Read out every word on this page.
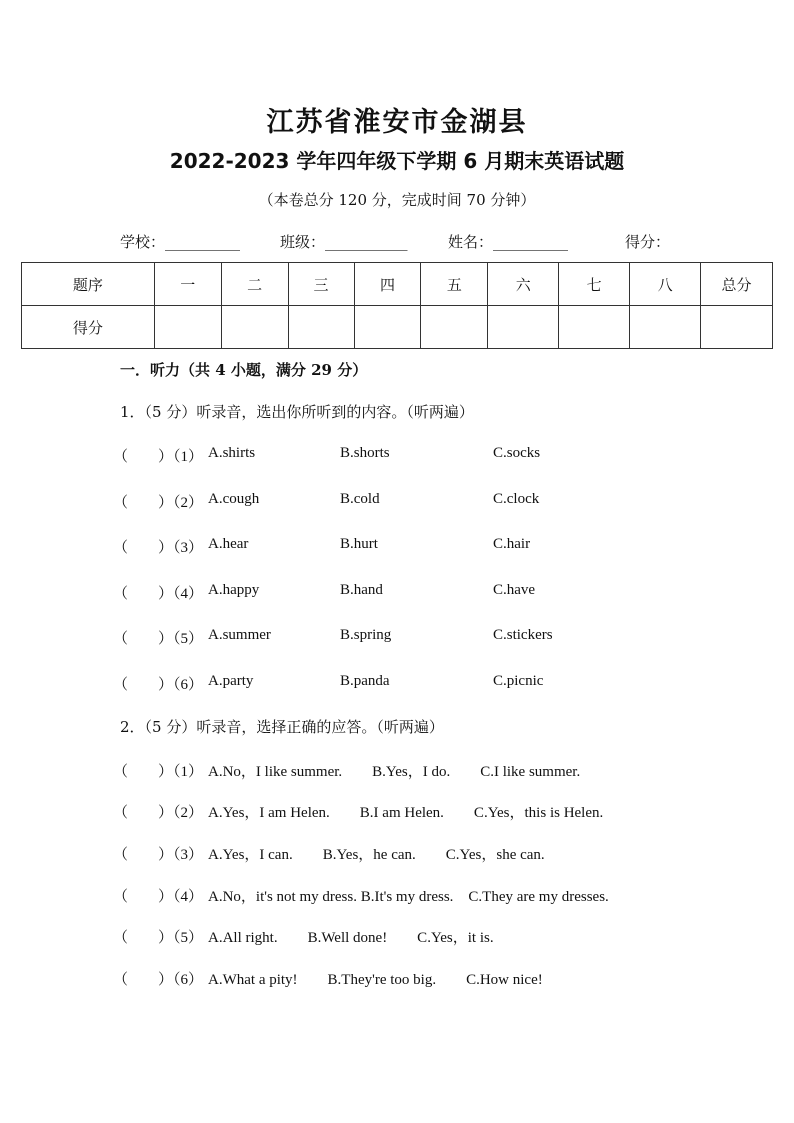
江苏省淮安市金湖县
2022-2023 学年四年级下学期 6 月期末英语试题
（本卷总分 120 分，完成时间 70 分钟）
学校：__________	班级：___________	姓名：__________	得分：
题序	一	二	三	四	五	六	七	八	总分
得分									
一．听力（共 4 小题，满分 29 分）
1．（5 分）听录音，选出你所听到的内容。（听两遍）
（　　）（1） A.shirts	B.shorts	C.socks
（　　）（2） A.cough	B.cold	C.clock
（　　）（3） A.hear	B.hurt	C.hair
（　　）（4） A.happy	B.hand	C.have
（　　）（5） A.summer	B.spring	C.stickers
（　　）（6） A.party	B.panda	C.picnic
2．（5 分）听录音，选择正确的应答。（听两遍）
（　　）（1） A.No，I like summer.　　B.Yes，I do.　　C.I like summer.
（　　）（2） A.Yes，I am Helen.　　B.I am Helen.　　C.Yes，this is Helen.
（　　）（3） A.Yes，I can.　　B.Yes，he can.　　C.Yes，she can.
（　　）（4） A.No，it's not my dress. B.It's my dress.　C.They are my dresses.
（　　）（5） A.All right.　　B.Well done!　　C.Yes，it is.
（　　）（6） A.What a pity!　　B.They're too big.　　C.How nice!
